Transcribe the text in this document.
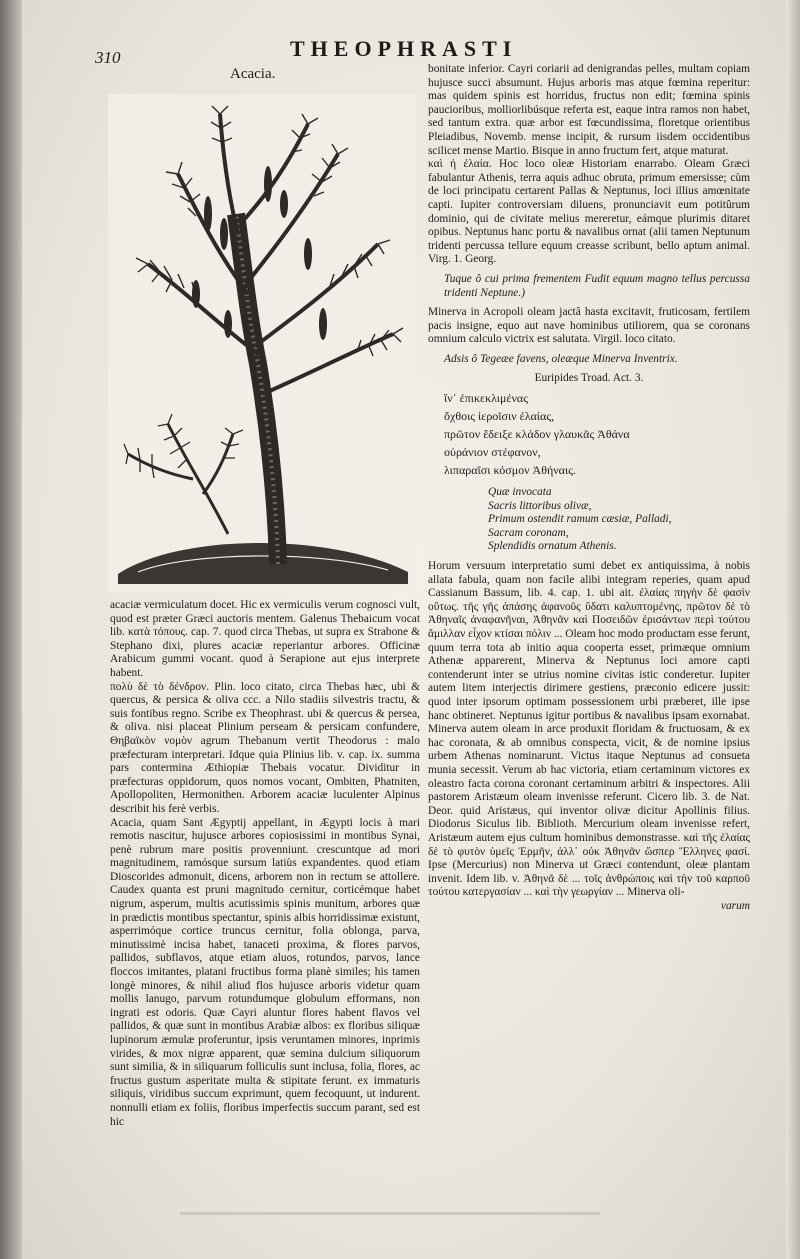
310	THEOPHRASTI
Acacia.

acaciæ vermiculatum docet. Hic ex vermiculis verum cognosci vult, quod est præter Græci auctoris mentem. Galenus Thebaicum vocat lib. κατὰ τόπους. cap. 7. quod circa Thebas, ut supra ex Strabone & Stephano dixi, plures acaciæ reperiantur arbores. Officinæ Arabicum gummi vocant. quod à Serapione aut ejus interprete habent.

πολὺ δὲ τὸ δένδρον. Plin. loco citato, circa Thebas hæc, ubi & quercus, & persica & oliva ccc. a Nilo stadiis silvestris tractu, & suis fontibus regno. Scribe ex Theophrast. ubi & quercus & persea, & oliva. nisi placeat Plinium perseam & persicam confundere, Θηβαϊκὸν νομὸν agrum Thebanum vertit Theodorus : malo præfecturam interpretari. Idque quia Plinius lib. v. cap. ix. summa pars contermina Æthiopiæ Thebais vocatur. Dividitur in præfecturas oppidorum, quos nomos vocant, Ombiten, Phatniten, Apollopoliten, Hermonithen. Arborem acaciæ luculenter Alpinus describit his ferè verbis.

Acacia, quam Sant Ægyptij appellant, in Ægypti locis à mari remotis nascitur, hujusce arbores copiosissimi in montibus Synai, penè rubrum mare positis provenniunt. crescuntque ad mori magnitudinem, ramósque sursum latiùs expandentes. quod etiam Dioscorides admonuit, dicens, arborem non in rectum se attollere. Caudex quanta est pruni magnitudo cernitur, corticémque habet nigrum, asperum, multis acutissimis spinis munitum, arbores quæ in prædictis montibus spectantur, spinis albis horridissimæ existunt, asperrimóque cortice truncus cernitur, folia oblonga, parva, minutissimè incisa habet, tanaceti proxima, & flores parvos, pallidos, subflavos, atque etiam aluos, rotundos, parvos, lance floccos imitantes, platani fructibus forma planè similes; his tamen longè minores, & nihil aliud flos hujusce arboris videtur quam mollis lanugo, parvum rotundumque globulum efformans, non ingrati est odoris. Quæ Cayri aluntur flores habent flavos vel pallidos, & quæ sunt in montibus Arabiæ albos: ex floribus siliquæ lupinorum æmulæ proferuntur, ipsis veruntamen minores, inprimis virides, & mox nigræ apparent, quæ semina dulcium siliquorum sunt similia, & in siliquarum folliculis sunt inclusa, folia, flores, ac fructus gustum asperitate multa & stipitate ferunt. ex immaturis siliquis, viridibus succum exprimunt, quem fecoquunt, ut indurent. nonnulli etiam ex foliis, floribus imperfectis succum parant, sed est hic

bonitate inferior. Cayri coriarii ad denigrandas pelles, multam copiam hujusce succi absumunt. Hujus arboris mas atque fœmina reperitur: mas quidem spinis est horridus, fructus non edit; fœmina spinis paucioribus, molliorlibúsque referta est, eaque intra ramos non habet, sed tantum extra. quæ arbor est fœcundissima, floretque orientibus Pleiadibus, Novemb. mense incipit, & rursum iisdem occidentibus scilicet mense Martio. Bisque in anno fructum fert, atque maturat.

καὶ ἡ ἐλαία. Hoc loco oleæ Historiam enarrabo. Oleam Græci fabulantur Athenis, terra aquis adhuc obruta, primum emersisse; cùm de loci principatu certarent Pallas & Neptunus, loci illius amœnitate capti. Iupiter controversiam diluens, pronunciavit eum potitûrum dominio, qui de civitate melius mereretur, eámque plurimis ditaret opibus. Neptunus hanc portu & navalibus ornat (alii tamen Neptunum tridenti percussa tellure equum creasse scribunt, bello aptum animal. Virg. 1. Georg.

Tuque ô cui prima frementem Fudit equum magno tellus percussa tridenti Neptune.)

Minerva in Acropoli oleam jactâ hasta excitavit, fruticosam, fertilem pacis insigne, equo aut nave hominibus utiliorem, qua se coronans omnium calculo victrix est salutata. Virgil. loco citato.

Adsis ô Tegeæe favens, oleæque Minerva Inventrix.

Euripides Troad. Act. 3.

ἵν᾽ ἐπικεκλιμένας

ὄχθοις ἱεροῖσιν ἐλαίας,

πρῶτον ἔδειξε κλάδον γλαυκᾶς Ἀθάνα

οὐράνιον στέφανον,

λιπαραῖσι κόσμον Ἀθήναις.

Quæ invocata

Sacris littoribus olivæ,

Primum ostendit ramum cæsiæ, Palladi,

Sacram coronam,

Splendidis ornatum Athenis.

Horum versuum interpretatio sumi debet ex antiquissima, à nobis allata fabula, quam non facile alibi integram reperies, quam apud Cassianum Bassum, lib. 4. cap. 1. ubi ait. ἐλαίας πηγὴν δὲ φασὶν οὕτως. τῆς γῆς ἀπάσης ἀφανοῦς ὕδατι καλυπτομένης, πρῶτον δὲ τὸ Ἀθηναῖς ἀναφανῆναι, Ἀθηνᾶν καὶ Ποσειδῶν ἐρισάντων περὶ τούτου ἄμιλλαν εἶχον κτίσαι πόλιν ... Oleam hoc modo productam esse ferunt, quum terra tota ab initio aqua cooperta esset, primæque omnium Athenæ apparerent, Minerva & Neptunus loci amore capti contenderunt inter se utrius nomine civitas istic conderetur. Iupiter autem litem interjectis dirimere gestiens, præconio edicere jussit: quod inter ipsorum optimam possessionem urbi præberet, ille ipse hanc obtineret. Neptunus igitur portibus & navalibus ipsam exornabat. Minerva autem oleam in arce produxit floridam & fructuosam, & ex hac coronata, & ab omnibus conspecta, vicit, & de nomine ipsius urbem Athenas nominarunt. Victus itaque Neptunus ad consueta munia secessit. Verum ab hac victoria, etiam certaminum victores ex oleastro facta corona coronant certaminum arbitri & inspectores. Alii pastorem Aristæum oleam invenisse referunt. Cicero lib. 3. de Nat. Deor. quid Aristæus, qui inventor olivæ dicitur Apollinis filius. Diodorus Siculus lib. Biblioth. Mercurium oleam invenisse refert, Aristæum autem ejus cultum hominibus demonstrasse. καὶ τῆς ἐλαίας δὲ τὸ φυτὸν ὑμεῖς Ἑρμῆν, ἀλλ᾽ οὐκ Ἀθηνᾶν ὥσπερ Ἕλληνες φασί. Ipse (Mercurius) non Minerva ut Græci contendunt, oleæ plantam invenit. Idem lib. v. Ἀθηνᾶ δὲ ... τοῖς ἀνθρώποις καὶ τὴν τοῦ καρποῦ τούτου κατεργασίαν ... καὶ τὴν γεωργίαν ... Minerva oli-

varum
